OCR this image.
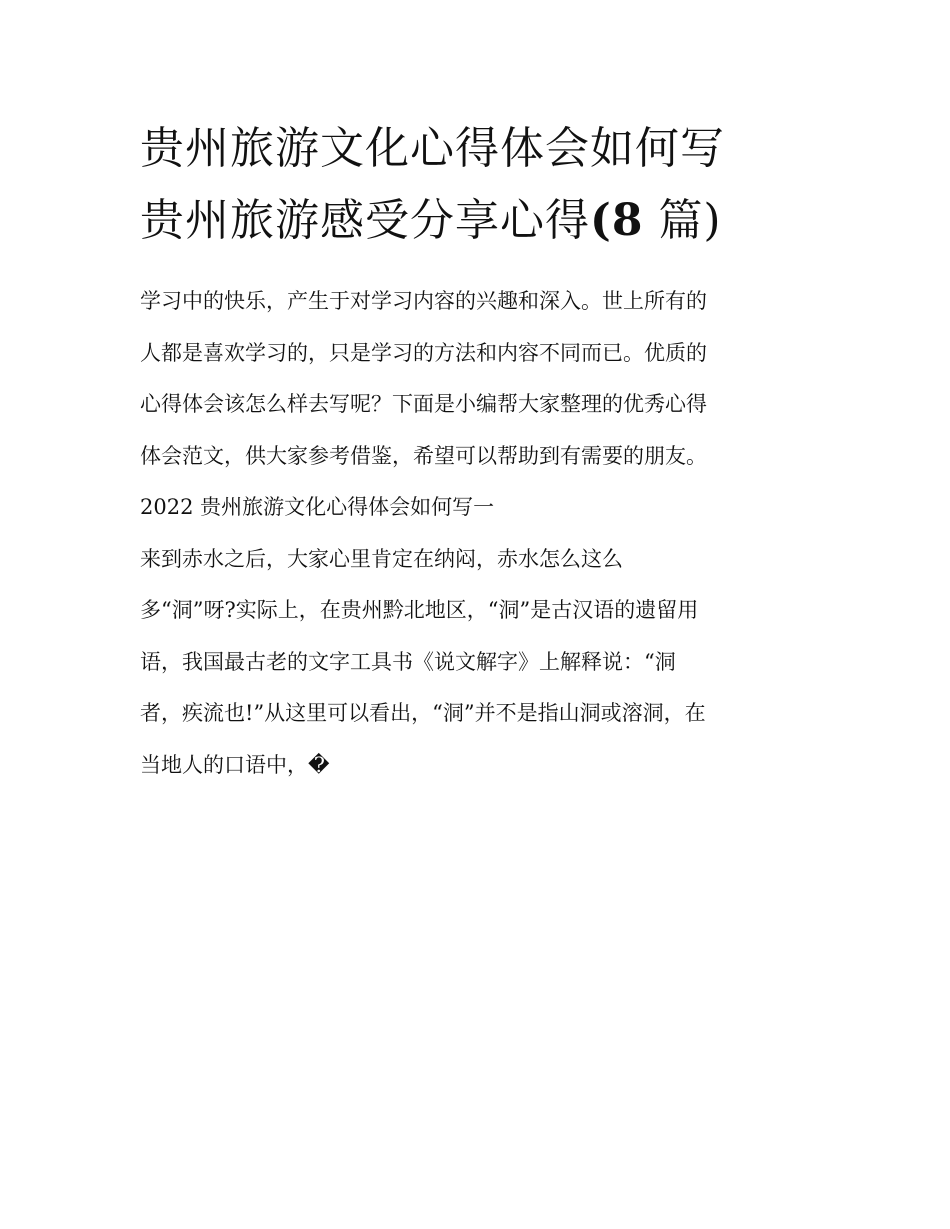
贵州旅游文化心得体会如何写
贵州旅游感受分享心得(8 篇)
学习中的快乐，产生于对学习内容的兴趣和深入。世上所有的
人都是喜欢学习的，只是学习的方法和内容不同而已。优质的
心得体会该怎么样去写呢？下面是小编帮大家整理的优秀心得
体会范文，供大家参考借鉴，希望可以帮助到有需要的朋友。
2022 贵州旅游文化心得体会如何写一
来到赤水之后，大家心里肯定在纳闷，赤水怎么这么
多“洞”呀?实际上，在贵州黔北地区，“洞”是古汉语的遗留用
语，我国最古老的文字工具书《说文解字》上解释说：“洞
者，疾流也!”从这里可以看出，“洞”并不是指山洞或溶洞，在
当地人的口语中，�
